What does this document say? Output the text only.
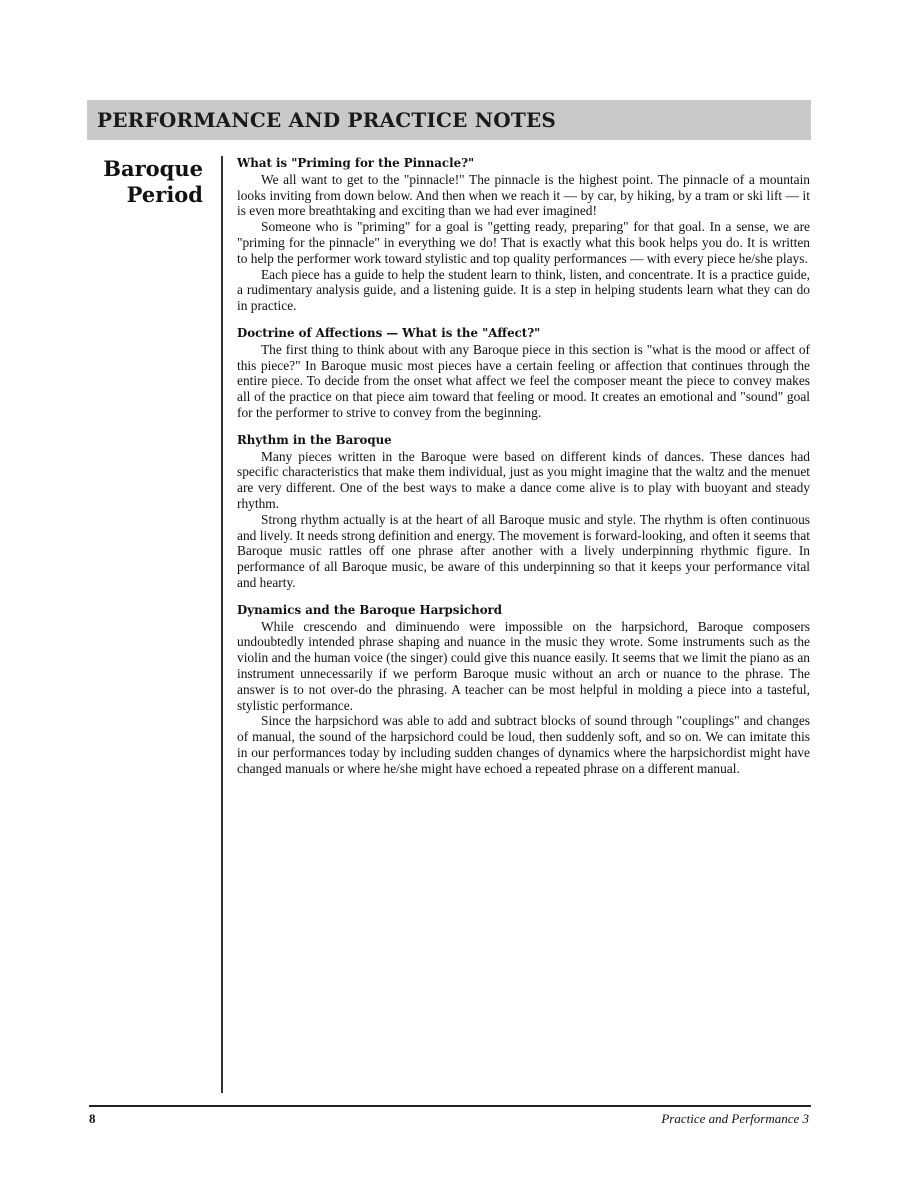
PERFORMANCE AND PRACTICE NOTES
Baroque
Period

What is "Priming for the Pinnacle?"

We all want to get to the "pinnacle!" The pinnacle is the highest point. The pinnacle of a mountain looks inviting from down below. And then when we reach it — by car, by hiking, by a tram or ski lift — it is even more breathtaking and exciting than we had ever imagined!

Someone who is "priming" for a goal is "getting ready, preparing" for that goal. In a sense, we are "priming for the pinnacle" in everything we do! That is exactly what this book helps you do. It is written to help the performer work toward stylistic and top quality performances — with every piece he/she plays.

Each piece has a guide to help the student learn to think, listen, and concentrate. It is a practice guide, a rudimentary analysis guide, and a listening guide. It is a step in helping students learn what they can do in practice.

Doctrine of Affections — What is the "Affect?"

The first thing to think about with any Baroque piece in this section is "what is the mood or affect of this piece?" In Baroque music most pieces have a certain feeling or affection that continues through the entire piece. To decide from the onset what affect we feel the composer meant the piece to convey makes all of the practice on that piece aim toward that feeling or mood. It creates an emotional and "sound" goal for the performer to strive to convey from the beginning.

Rhythm in the Baroque

Many pieces written in the Baroque were based on different kinds of dances. These dances had specific characteristics that make them individual, just as you might imagine that the waltz and the menuet are very different. One of the best ways to make a dance come alive is to play with buoyant and steady rhythm.

Strong rhythm actually is at the heart of all Baroque music and style. The rhythm is often continuous and lively. It needs strong definition and energy. The movement is forward-looking, and often it seems that Baroque music rattles off one phrase after another with a lively underpinning rhythmic figure. In performance of all Baroque music, be aware of this underpinning so that it keeps your performance vital and hearty.

Dynamics and the Baroque Harpsichord

While crescendo and diminuendo were impossible on the harpsichord, Baroque composers undoubtedly intended phrase shaping and nuance in the music they wrote. Some instruments such as the violin and the human voice (the singer) could give this nuance easily. It seems that we limit the piano as an instrument unnecessarily if we perform Baroque music without an arch or nuance to the phrase. The answer is to not over-do the phrasing. A teacher can be most helpful in molding a piece into a tasteful, stylistic performance.

Since the harpsichord was able to add and subtract blocks of sound through "couplings" and changes of manual, the sound of the harpsichord could be loud, then suddenly soft, and so on. We can imitate this in our performances today by including sudden changes of dynamics where the harpsichordist might have changed manuals or where he/she might have echoed a repeated phrase on a different manual.

8	Practice and Performance 3
